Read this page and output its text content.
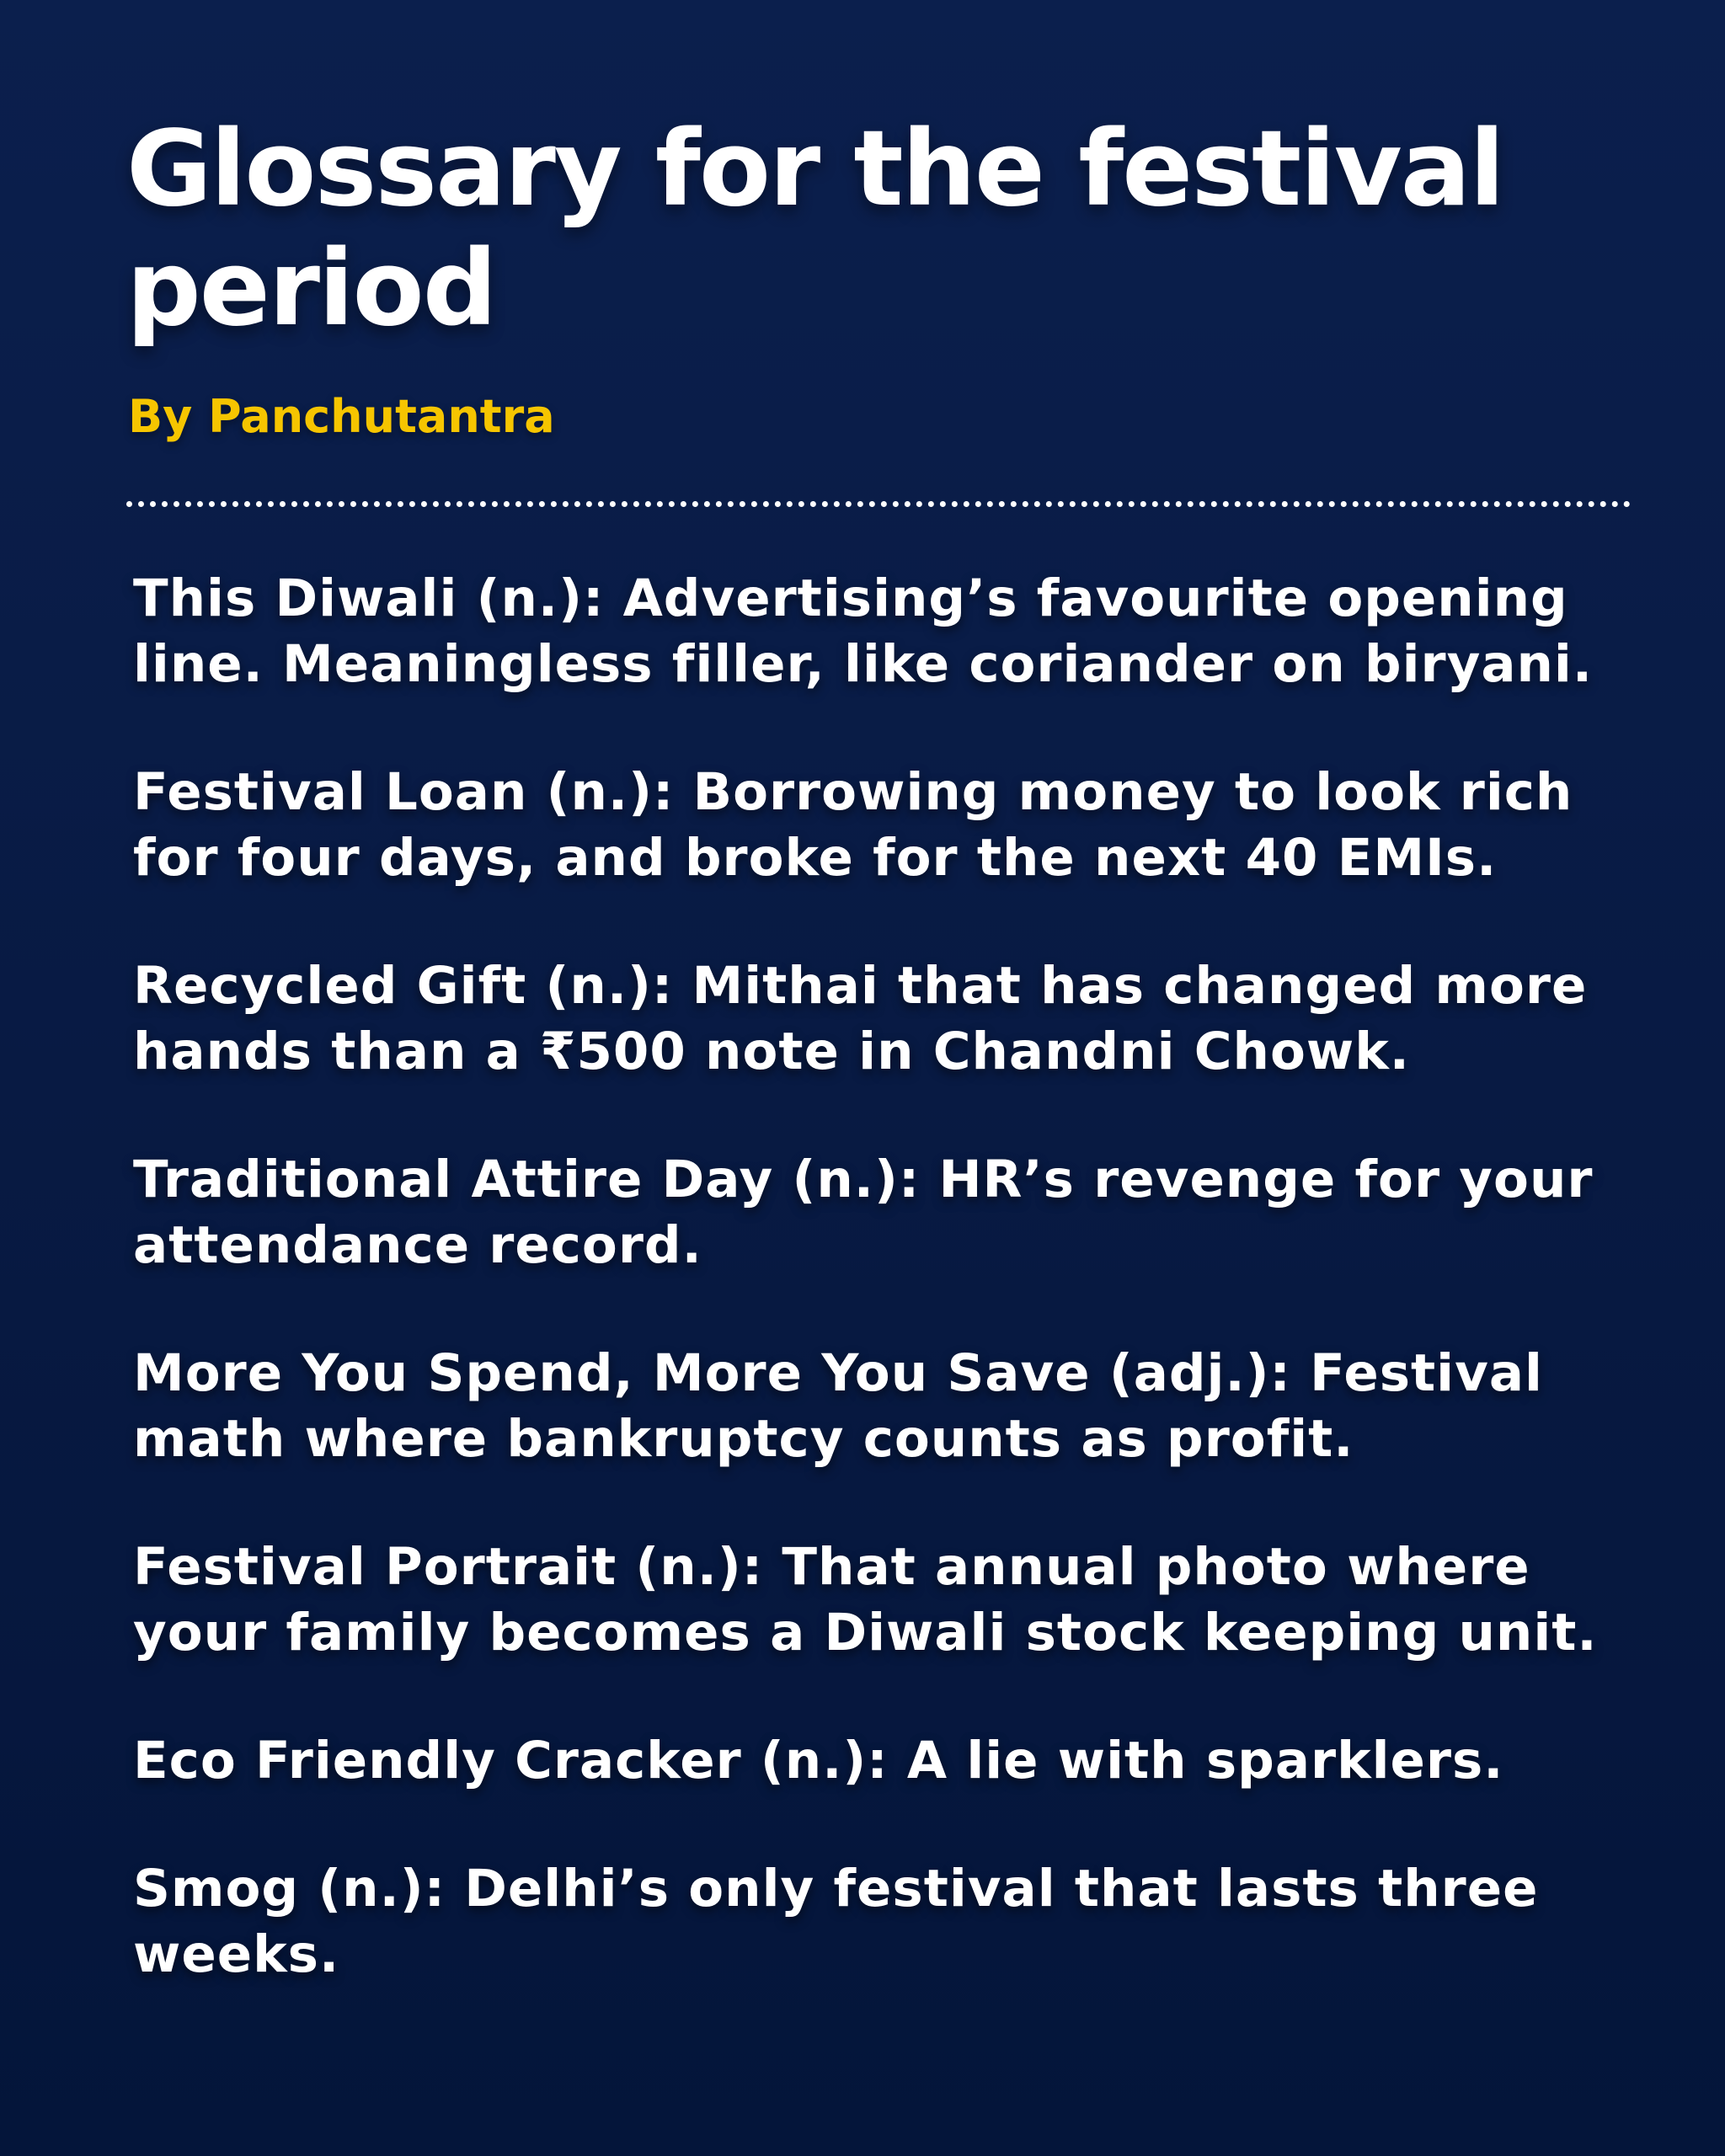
Glossary for the festival period

By Panchutantra

This Diwali (n.): Advertising’s favourite opening line. Meaningless filler, like coriander on biryani.
Festival Loan (n.): Borrowing money to look rich for four days, and broke for the next 40 EMIs.
Recycled Gift (n.): Mithai that has changed more hands than a ₹500 note in Chandni Chowk.
Traditional Attire Day (n.): HR’s revenge for your attendance record.
More You Spend, More You Save (adj.): Festival math where bankruptcy counts as profit.
Festival Portrait (n.): That annual photo where your family becomes a Diwali stock keeping unit.
Eco Friendly Cracker (n.): A lie with sparklers.
Smog (n.): Delhi’s only festival that lasts three weeks.
